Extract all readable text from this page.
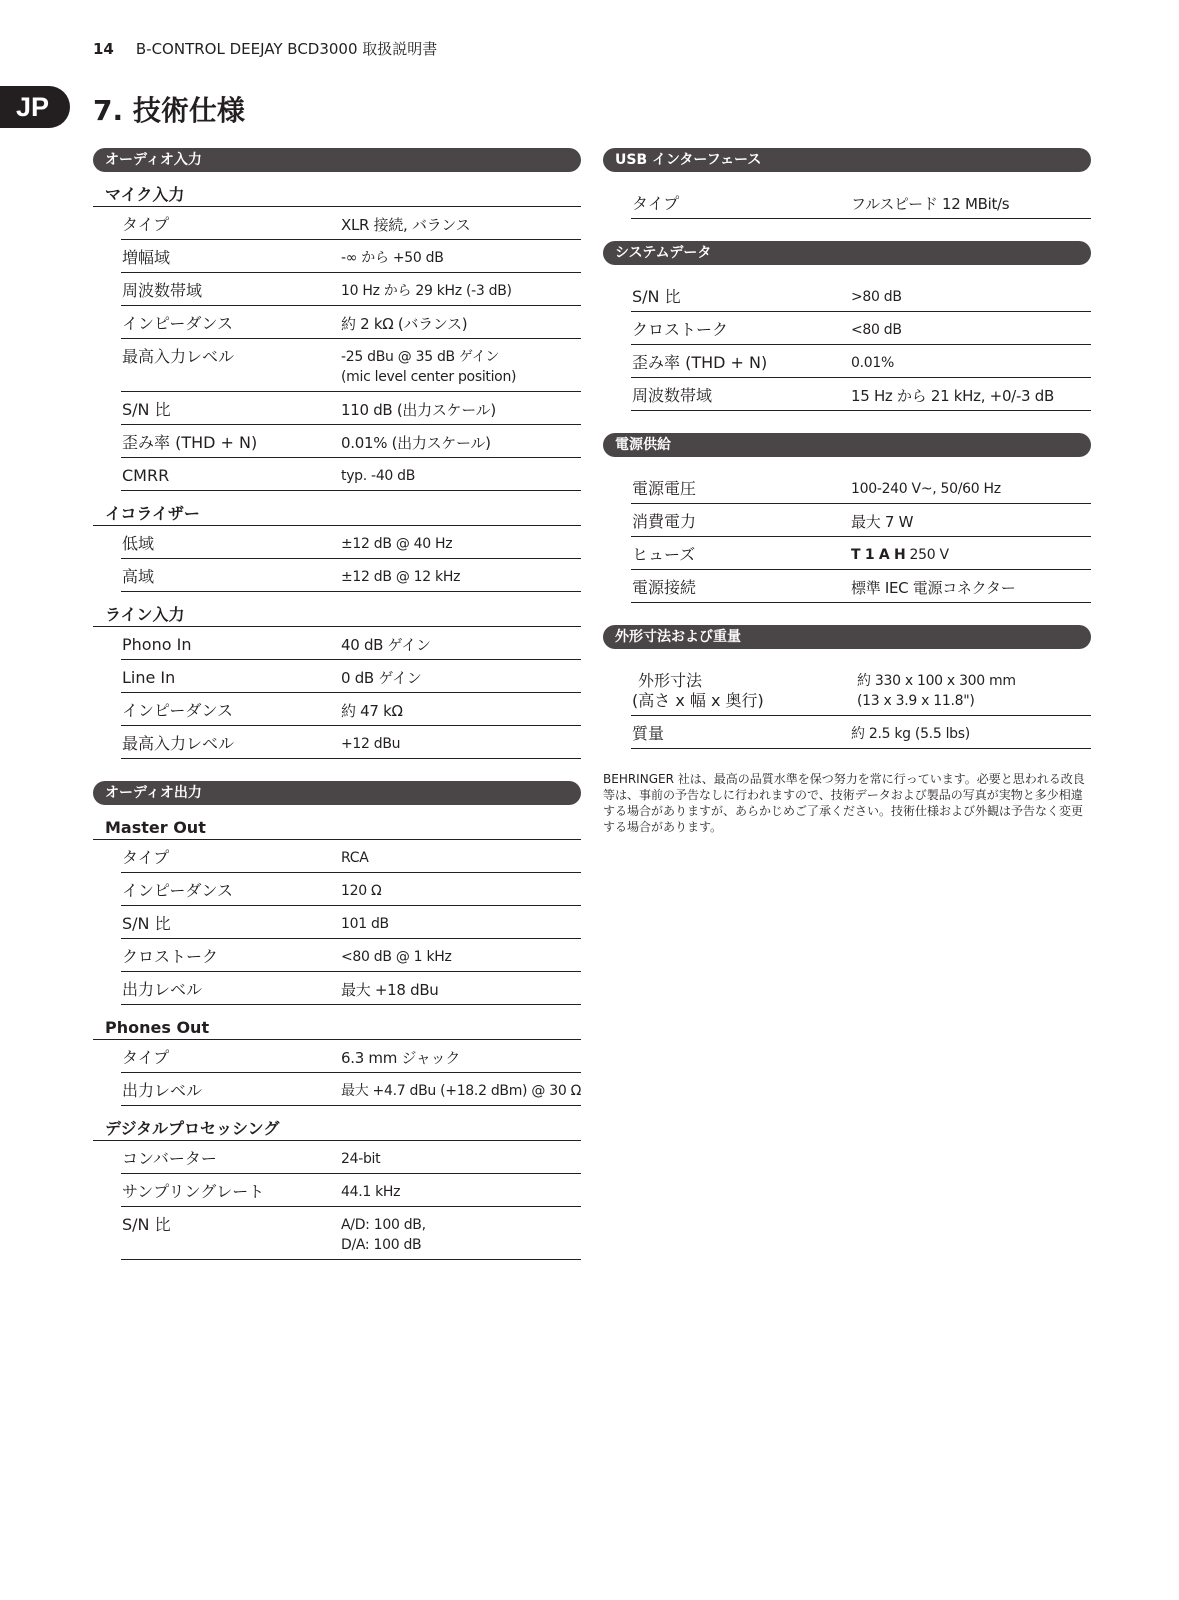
14 B-CONTROL DEEJAY BCD3000 取扱説明書
JP	7. 技術仕様
オーディオ入力
マイク入力
タイプ	XLR 接続, バランス
増幅域	-∞ から +50 dB
周波数帯域	10 Hz から 29 kHz (-3 dB)
インピーダンス	約 2 kΩ (バランス)
最高入力レベル	-25 dBu @ 35 dB ゲイン
(mic level center position)
S/N 比	110 dB (出力スケール)
歪み率 (THD + N)	0.01% (出力スケール)
CMRR	typ. -40 dB
イコライザー
低域	±12 dB @ 40 Hz
高域	±12 dB @ 12 kHz
ライン入力
Phono In	40 dB ゲイン
Line In	0 dB ゲイン
インピーダンス	約 47 kΩ
最高入力レベル	+12 dBu
オーディオ出力
Master Out
タイプ	RCA
インピーダンス	120 Ω
S/N 比	101 dB
クロストーク	<80 dB @ 1 kHz
出力レベル	最大 +18 dBu
Phones Out
タイプ	6.3 mm ジャック
出力レベル	最大 +4.7 dBu (+18.2 dBm) @ 30 Ω
デジタルプロセッシング
コンバーター	24-bit
サンプリングレート	44.1 kHz
S/N 比	A/D: 100 dB,
D/A: 100 dB
USB インターフェース
タイプ	フルスピード 12 MBit/s
システムデータ
S/N 比	>80 dB
クロストーク	<80 dB
歪み率 (THD + N)	0.01%
周波数帯域	15 Hz から 21 kHz, +0/-3 dB
電源供給
電源電圧	100-240 V~, 50/60 Hz
消費電力	最大 7 W
ヒューズ	T 1 A H 250 V
電源接続	標準 IEC 電源コネクター
外形寸法および重量
外形寸法
(高さ x 幅 x 奥行)
約 330 x 100 x 300 mm
(13 x 3.9 x 11.8")
質量	約 2.5 kg (5.5 lbs)
BEHRINGER 社は、最高の品質水準を保つ努力を常に行っています。必要と思われる改良等は、事前の予告なしに行われますので、技術データおよび製品の写真が実物と多少相違する場合がありますが、あらかじめご了承ください。技術仕様および外観は予告なく変更する場合があります。
